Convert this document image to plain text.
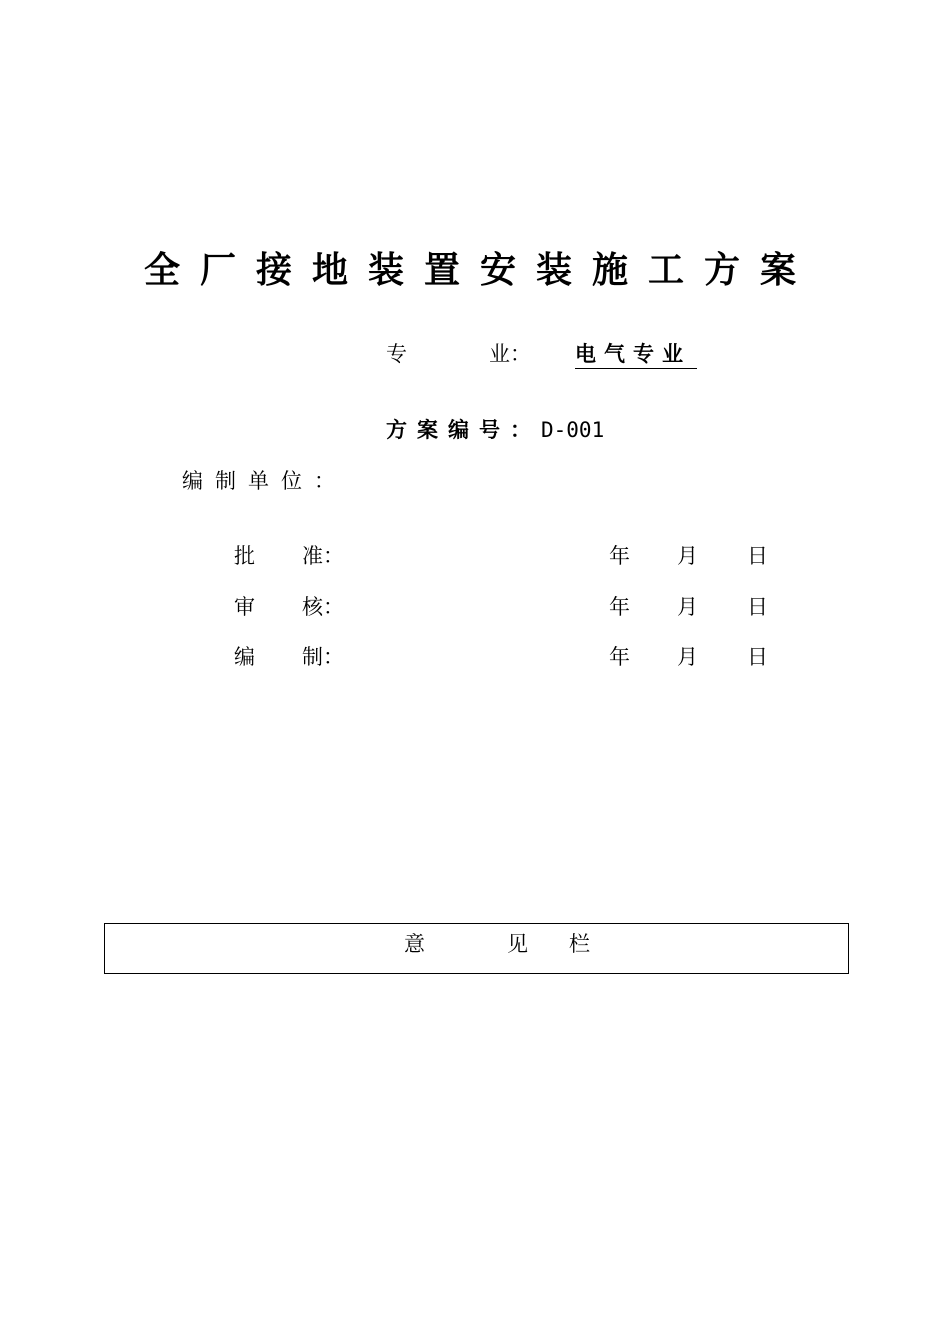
全厂接地装置安装施工方案
专	业： 电气专业
方案编号：D-001
编制单位：
批 准：	年 月 日
审 核：	年 月 日
编 制：	年 月 日
意	见 栏
